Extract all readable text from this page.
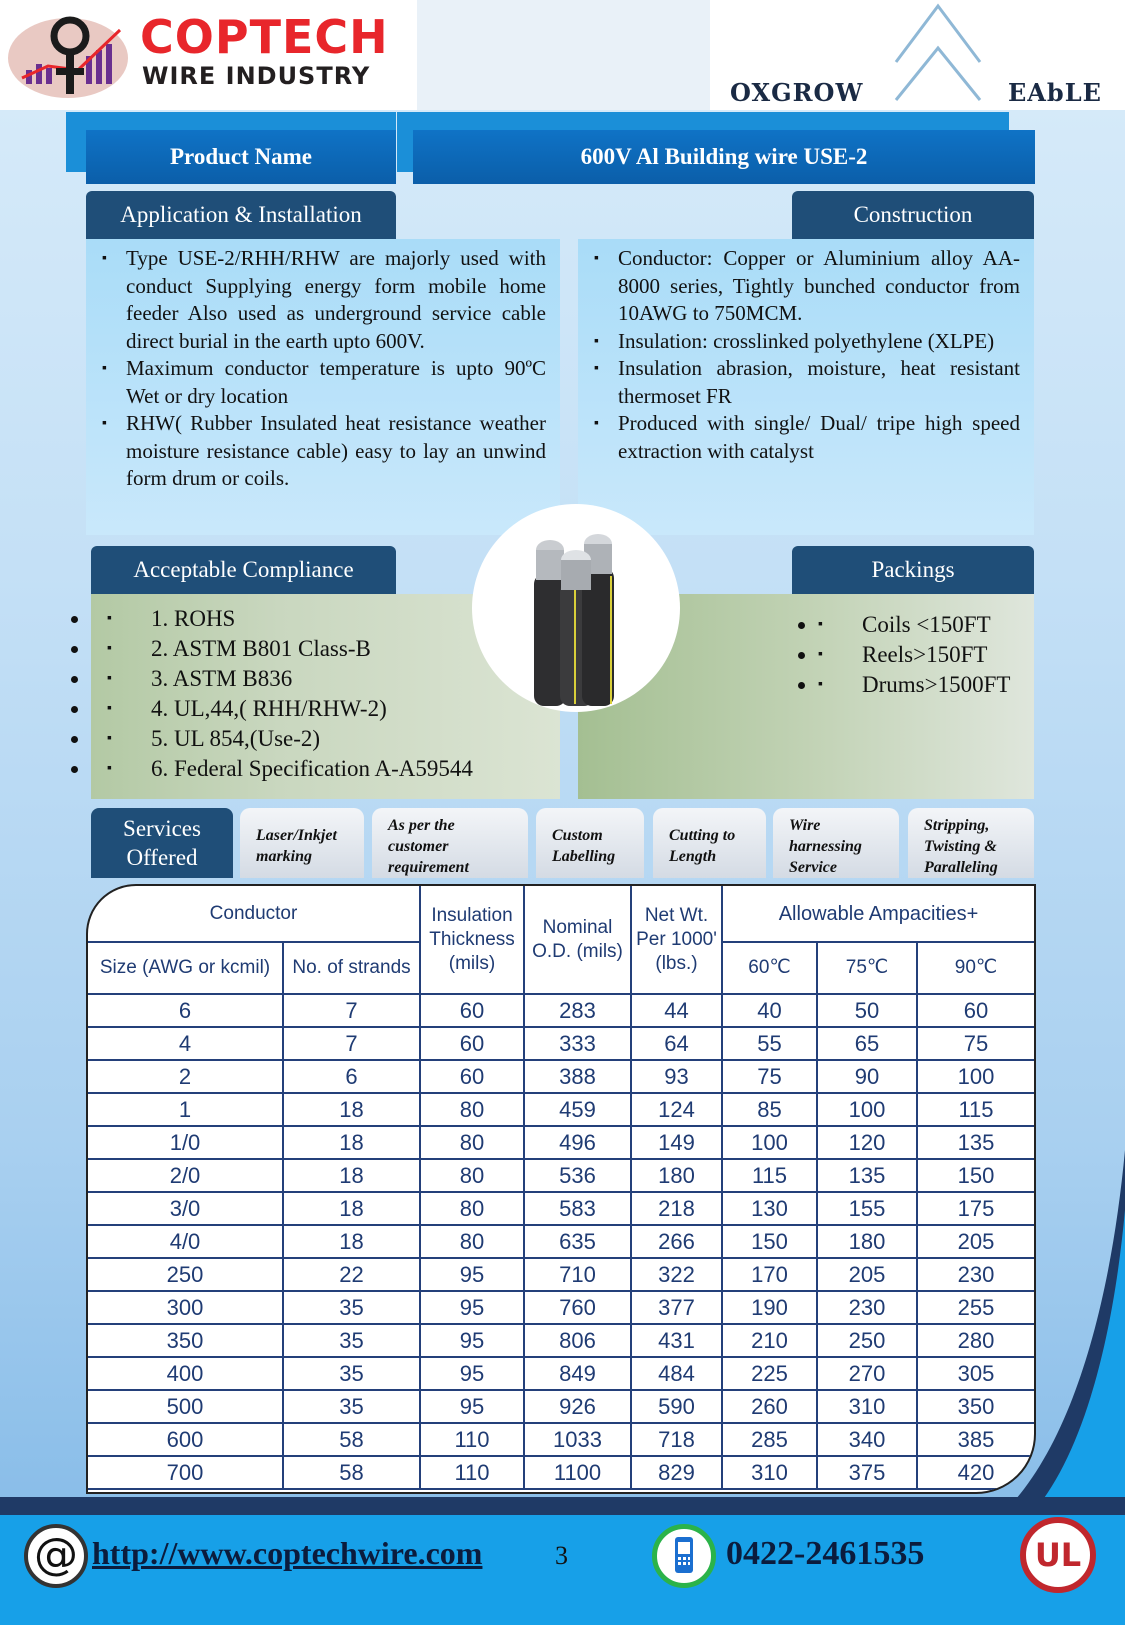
COPTECH
WIRE INDUSTRY
OXGROW	EAbLE
Product Name	600V Al Building wire USE-2
Application & Installation
▪ Type USE-2/RHH/RHW are majorly used with conduct Supplying energy form mobile home feeder Also used as underground service cable direct burial in the earth upto 600V.
▪ Maximum conductor temperature is upto 90ºC Wet or dry location
▪ RHW( Rubber Insulated heat resistance weather moisture resistance cable) easy to lay an unwind form drum or coils.
Construction
▪ Conductor: Copper or Aluminium alloy AA-8000 series, Tightly bunched conductor from 10AWG to 750MCM.
▪ Insulation: crosslinked polyethylene (XLPE)
▪ Insulation abrasion, moisture, heat resistant thermoset FR
▪ Produced with single/ Dual/ tripe high speed extraction with catalyst
Acceptable Compliance
▪ • 1. ROHS
▪ • 2. ASTM B801 Class-B
▪ • 3. ASTM B836
▪ • 4. UL,44,( RHH/RHW-2)
▪ • 5. UL 854,(Use-2)
▪ • 6. Federal Specification A-A59544
Packings
▪ • Coils <150FT
▪ • Reels>150FT
▪ • Drums>1500FT
Services
Offered
Laser/Inkjet marking
As per the customer requirement
Custom Labelling
Cutting to Length
Wire harnessing Service
Stripping, Twisting & Paralleling
Conductor		Insulation Thickness (mils)	Nominal O.D. (mils)	Net Wt. Per 1000' (lbs.)	Allowable Ampacities+		
Size (AWG or kcmil)	No. of strands				60℃	75℃	90℃
6	7	60	283	44	40	50	60
4	7	60	333	64	55	65	75
2	6	60	388	93	75	90	100
1	18	80	459	124	85	100	115
1/0	18	80	496	149	100	120	135
2/0	18	80	536	180	115	135	150
3/0	18	80	583	218	130	155	175
4/0	18	80	635	266	150	180	205
250	22	95	710	322	170	205	230
300	35	95	760	377	190	230	255
350	35	95	806	431	210	250	280
400	35	95	849	484	225	270	305
500	35	95	926	590	260	310	350
600	58	110	1033	718	285	340	385
700	58	110	1100	829	310	375	420
@ http://www.coptechwire.com	3	0422-2461535	UL
